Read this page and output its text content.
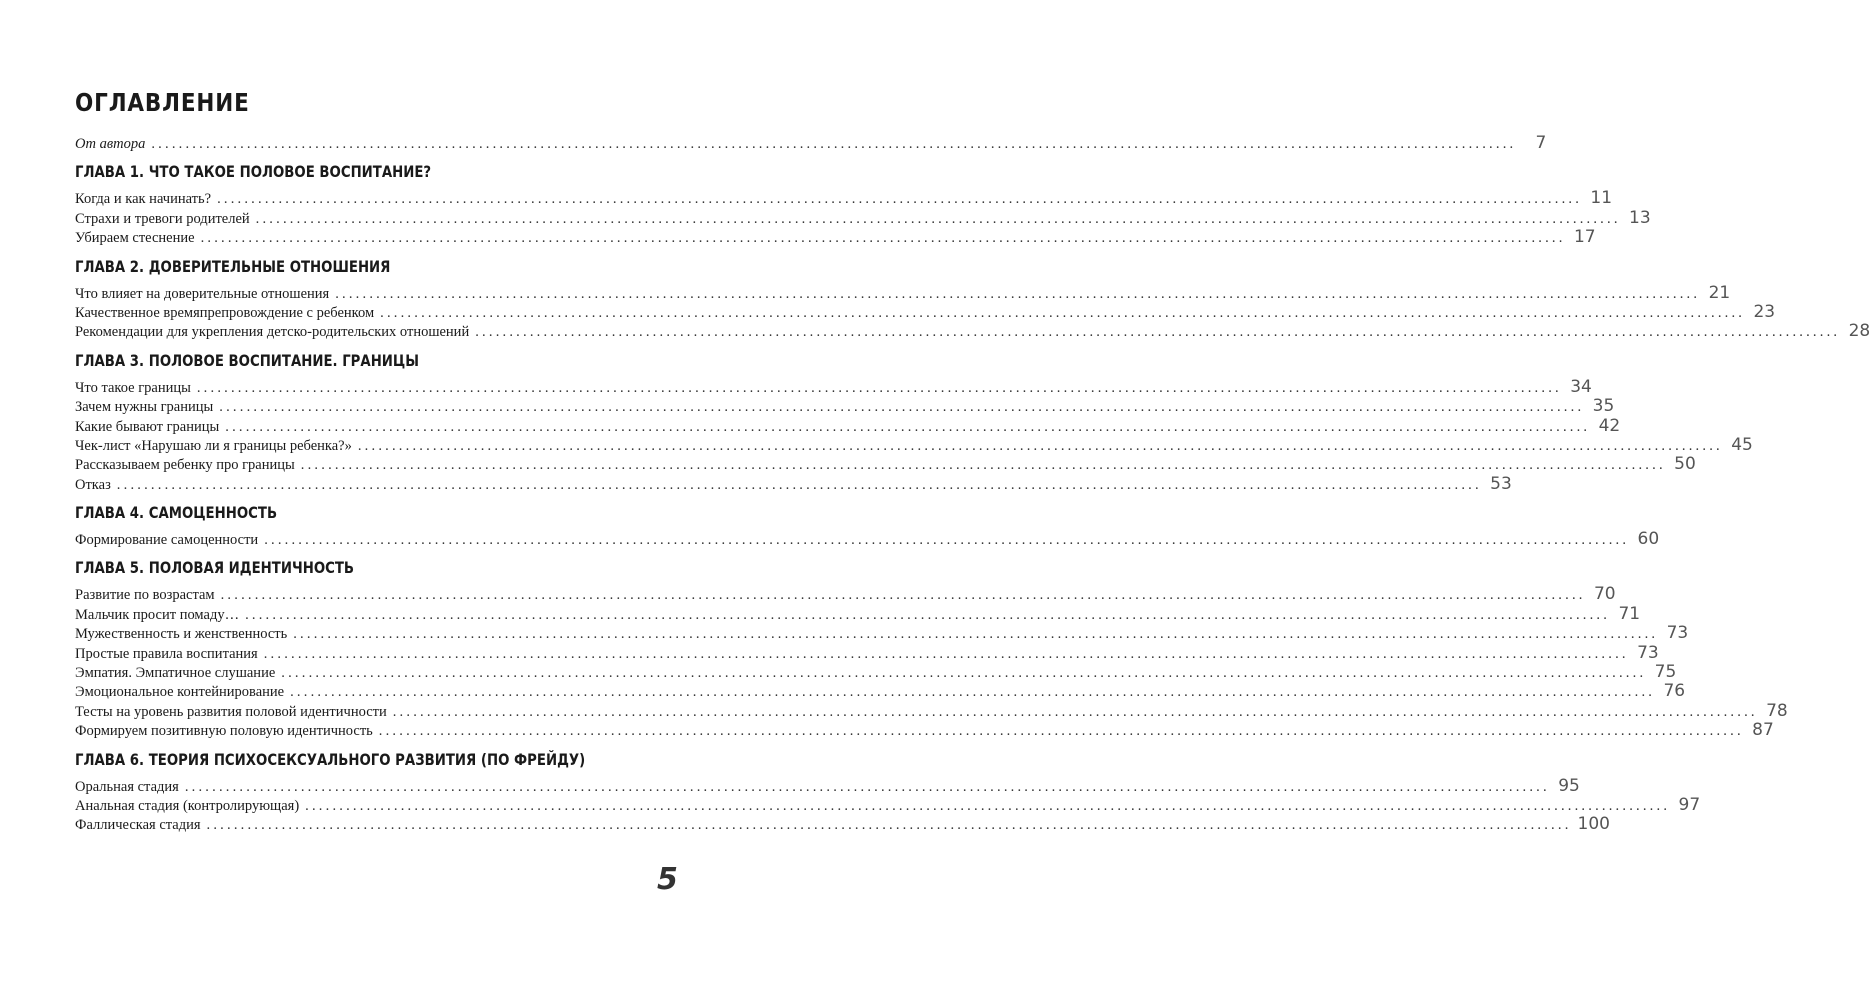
ОГЛАВЛЕНИЕ
От автора ........................................................................................................................................................................................................	7
ГЛАВА 1. ЧТО ТАКОЕ ПОЛОВОЕ ВОСПИТАНИЕ?
Когда и как начинать? ........................................................................................................................................................................................................ 11
Страхи и тревоги родителей ........................................................................................................................................................................................................ 13
Убираем стеснение ........................................................................................................................................................................................................ 17
ГЛАВА 2. ДОВЕРИТЕЛЬНЫЕ ОТНОШЕНИЯ
Что влияет на доверительные отношения ........................................................................................................................................................................................................ 21
Качественное времяпрепровождение с ребенком ........................................................................................................................................................................................................ 23
Рекомендации для укрепления детско-родительских отношений ........................................................................................................................................................................................................ 28
ГЛАВА 3. ПОЛОВОЕ ВОСПИТАНИЕ. ГРАНИЦЫ
Что такое границы ........................................................................................................................................................................................................ 34
Зачем нужны границы ........................................................................................................................................................................................................ 35
Какие бывают границы ........................................................................................................................................................................................................ 42
Чек-лист «Нарушаю ли я границы ребенка?» ........................................................................................................................................................................................................ 45
Рассказываем ребенку про границы ........................................................................................................................................................................................................ 50
Отказ ........................................................................................................................................................................................................ 53
ГЛАВА 4. САМОЦЕННОСТЬ
Формирование самоценности ........................................................................................................................................................................................................ 60
ГЛАВА 5. ПОЛОВАЯ ИДЕНТИЧНОСТЬ
Развитие по возрастам ........................................................................................................................................................................................................ 70
Мальчик просит помаду… ........................................................................................................................................................................................................ 71
Мужественность и женственность ........................................................................................................................................................................................................ 73
Простые правила воспитания ........................................................................................................................................................................................................ 73
Эмпатия. Эмпатичное слушание ........................................................................................................................................................................................................ 75
Эмоциональное контейнирование ........................................................................................................................................................................................................ 76
Тесты на уровень развития половой идентичности ........................................................................................................................................................................................................ 78
Формируем позитивную половую идентичность ........................................................................................................................................................................................................ 87
ГЛАВА 6. ТЕОРИЯ ПСИХОСЕКСУАЛЬНОГО РАЗВИТИЯ (ПО ФРЕЙДУ)
Оральная стадия ........................................................................................................................................................................................................ 95
Анальная стадия (контролирующая) ........................................................................................................................................................................................................ 97
Фаллическая стадия ........................................................................................................................................................................................................ 100
5
